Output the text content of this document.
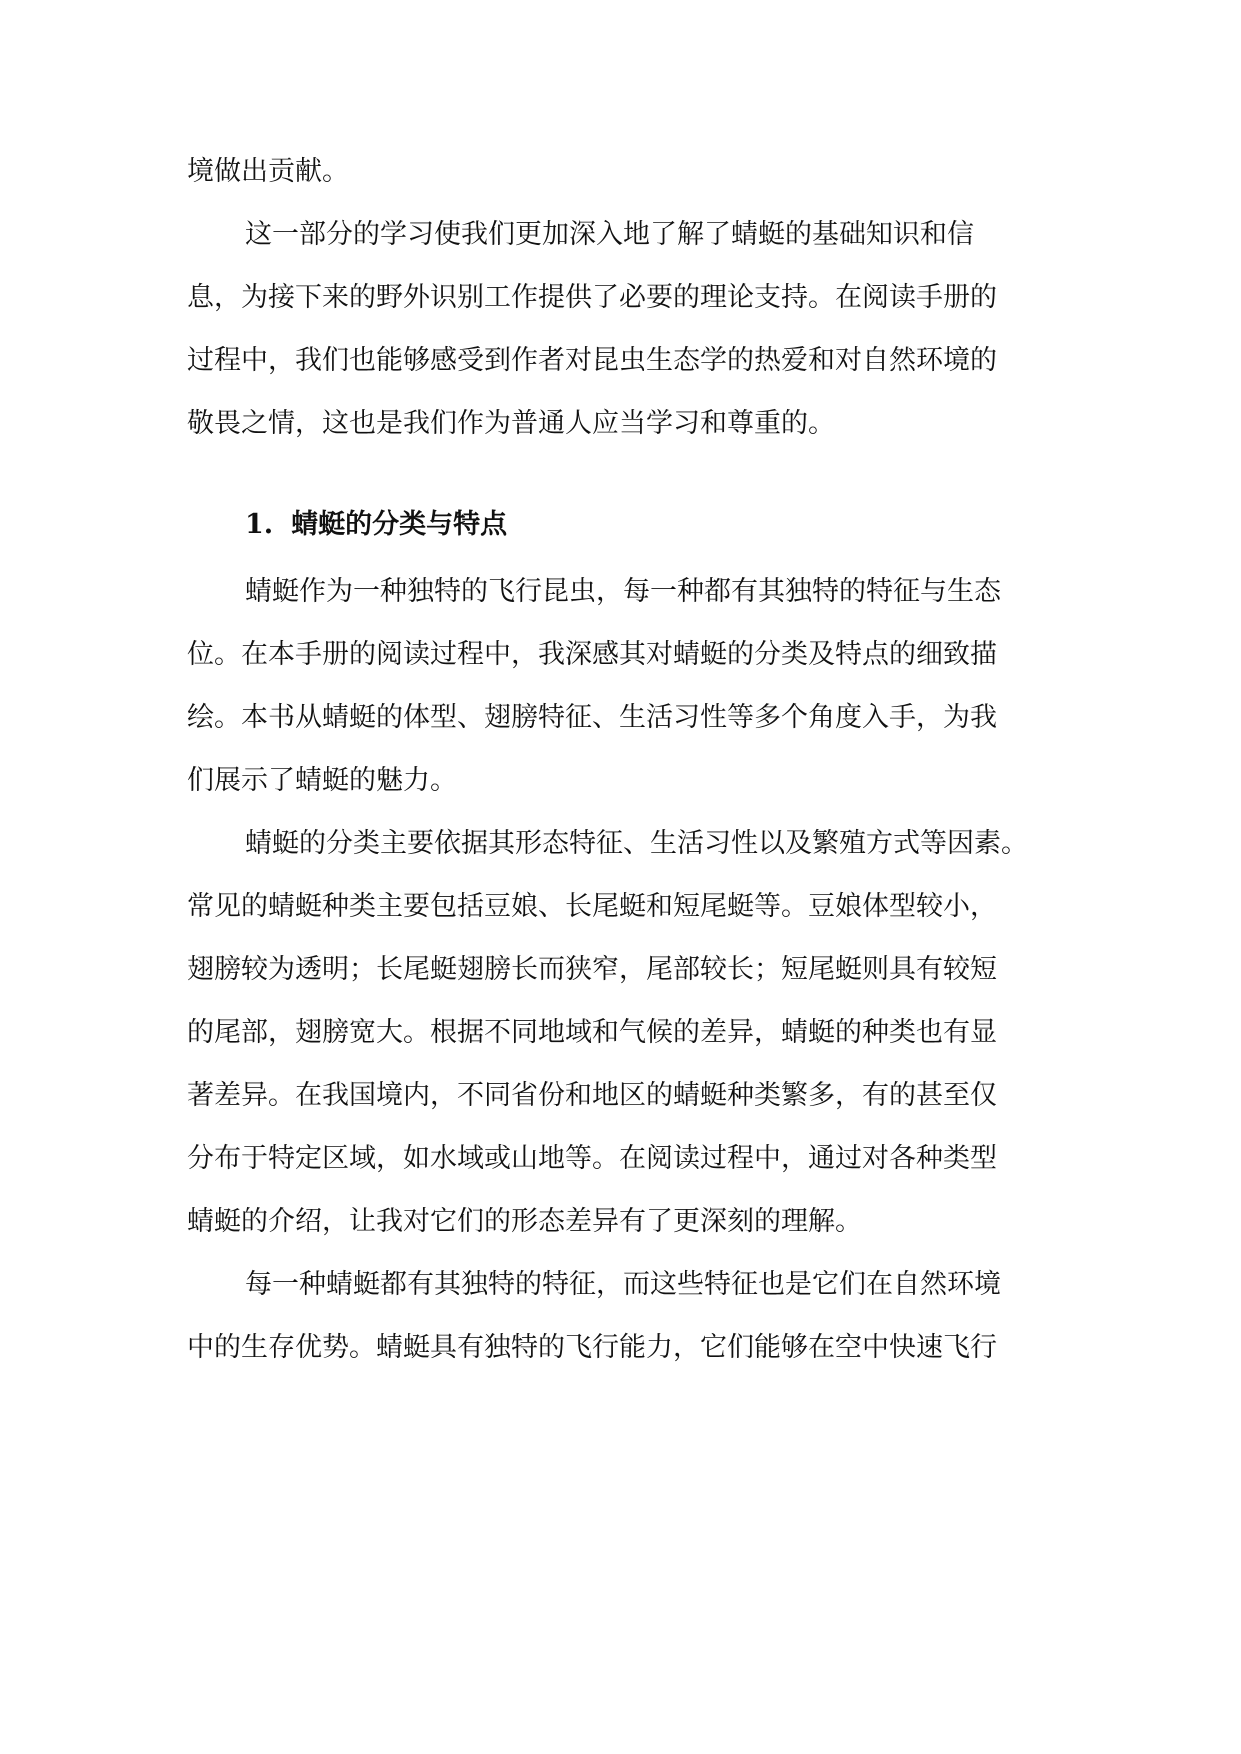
境做出贡献。
这一部分的学习使我们更加深入地了解了蜻蜓的基础知识和信
息，为接下来的野外识别工作提供了必要的理论支持。在阅读手册的
过程中，我们也能够感受到作者对昆虫生态学的热爱和对自然环境的
敬畏之情，这也是我们作为普通人应当学习和尊重的。
1. 蜻蜓的分类与特点
蜻蜓作为一种独特的飞行昆虫，每一种都有其独特的特征与生态
位。在本手册的阅读过程中，我深感其对蜻蜓的分类及特点的细致描
绘。本书从蜻蜓的体型、翅膀特征、生活习性等多个角度入手，为我
们展示了蜻蜓的魅力。
蜻蜓的分类主要依据其形态特征、生活习性以及繁殖方式等因素。
常见的蜻蜓种类主要包括豆娘、长尾蜓和短尾蜓等。豆娘体型较小，
翅膀较为透明；长尾蜓翅膀长而狭窄，尾部较长；短尾蜓则具有较短
的尾部，翅膀宽大。根据不同地域和气候的差异，蜻蜓的种类也有显
著差异。在我国境内，不同省份和地区的蜻蜓种类繁多，有的甚至仅
分布于特定区域，如水域或山地等。在阅读过程中，通过对各种类型
蜻蜓的介绍，让我对它们的形态差异有了更深刻的理解。
每一种蜻蜓都有其独特的特征，而这些特征也是它们在自然环境
中的生存优势。蜻蜓具有独特的飞行能力，它们能够在空中快速飞行
